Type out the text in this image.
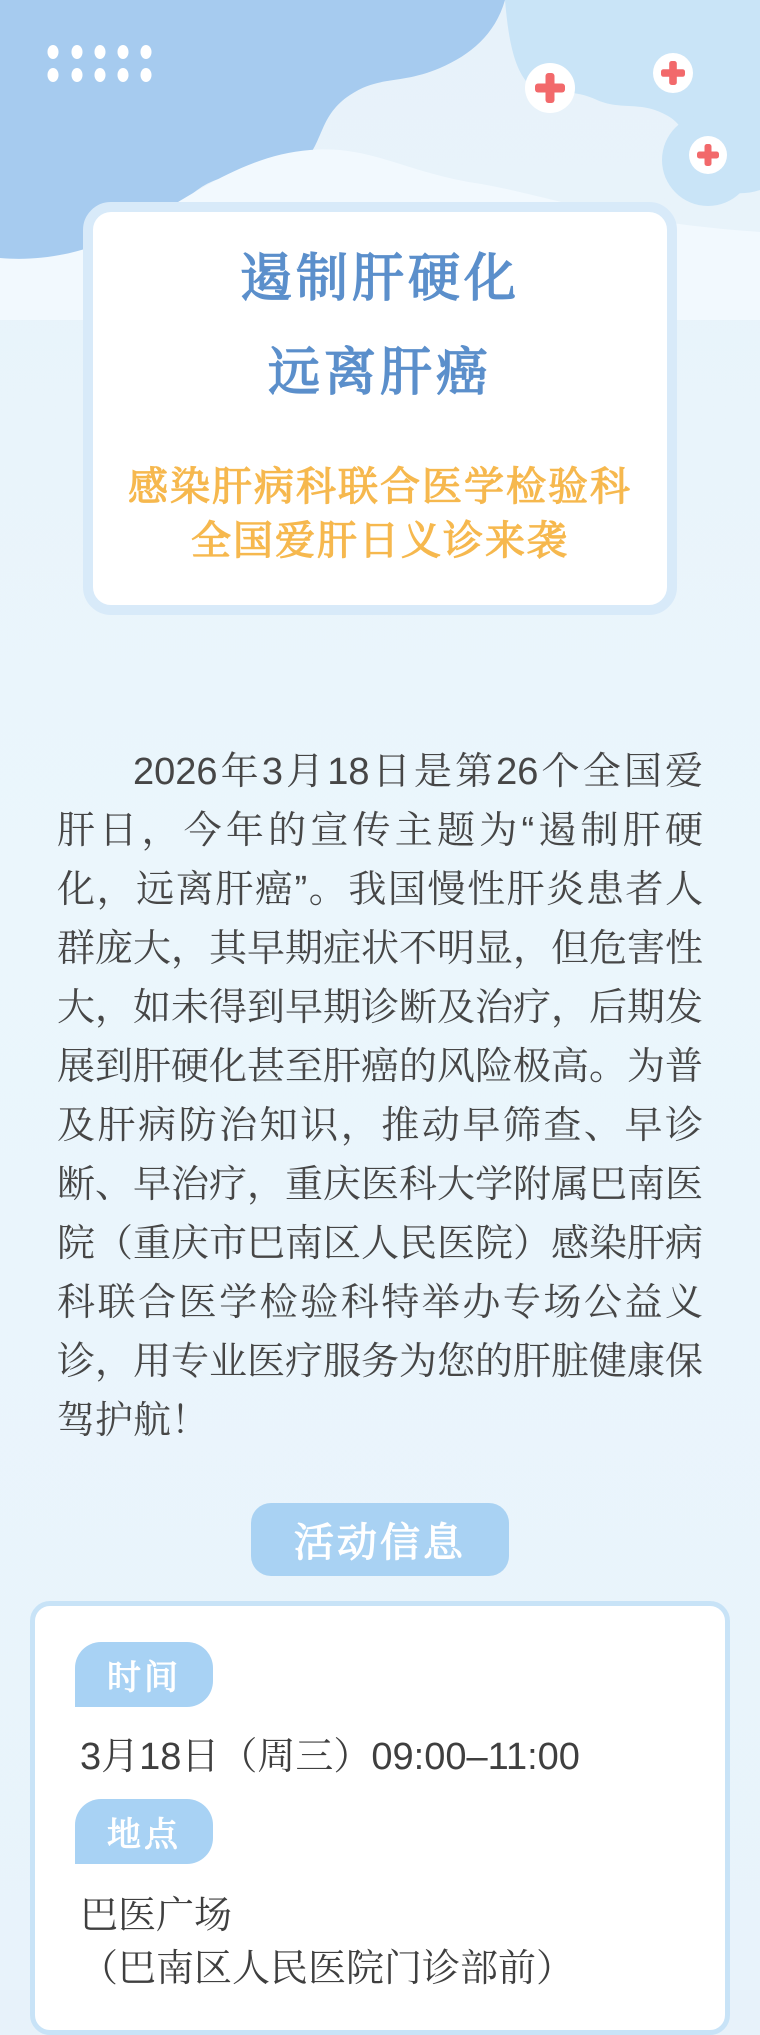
遏制肝硬化
远离肝癌
感染肝病科联合医学检验科
全国爱肝日义诊来袭

2026年3月18日是第26个全国爱肝日，今年的宣传主题为“遏制肝硬化，远离肝癌”。我国慢性肝炎患者人群庞大，其早期症状不明显，但危害性大，如未得到早期诊断及治疗，后期发展到肝硬化甚至肝癌的风险极高。为普及肝病防治知识，推动早筛查、早诊断、早治疗，重庆医科大学附属巴南医院（重庆市巴南区人民医院）感染肝病科联合医学检验科特举办专场公益义诊，用专业医疗服务为您的肝脏健康保驾护航！

活动信息
时间
3月18日（周三）09:00–11:00
地点
巴医广场
（巴南区人民医院门诊部前）
